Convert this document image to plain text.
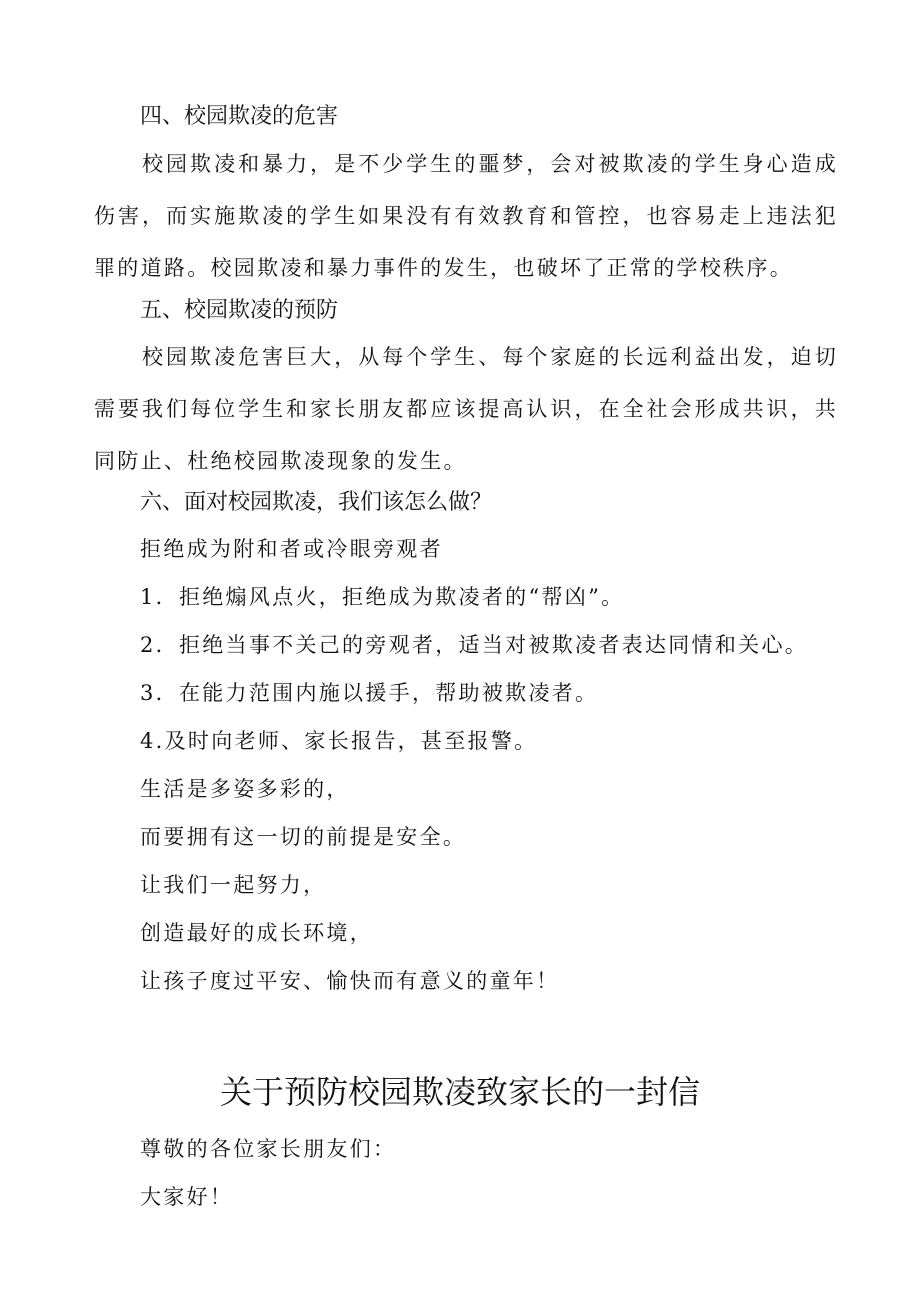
四、校园欺凌的危害

校园欺凌和暴力，是不少学生的噩梦，会对被欺凌的学生身心造成伤害，而实施欺凌的学生如果没有有效教育和管控，也容易走上违法犯罪的道路。校园欺凌和暴力事件的发生，也破坏了正常的学校秩序。

五、校园欺凌的预防

校园欺凌危害巨大，从每个学生、每个家庭的长远利益出发，迫切需要我们每位学生和家长朋友都应该提高认识，在全社会形成共识，共同防止、杜绝校园欺凌现象的发生。

六、面对校园欺凌，我们该怎么做？

拒绝成为附和者或冷眼旁观者

1．拒绝煽风点火，拒绝成为欺凌者的“帮凶”。

2．拒绝当事不关己的旁观者，适当对被欺凌者表达同情和关心。

3．在能力范围内施以援手，帮助被欺凌者。

4.及时向老师、家长报告，甚至报警。

生活是多姿多彩的，

而要拥有这一切的前提是安全。

让我们一起努力，

创造最好的成长环境，

让孩子度过平安、愉快而有意义的童年！

关于预防校园欺凌致家长的一封信

尊敬的各位家长朋友们：

大家好！
